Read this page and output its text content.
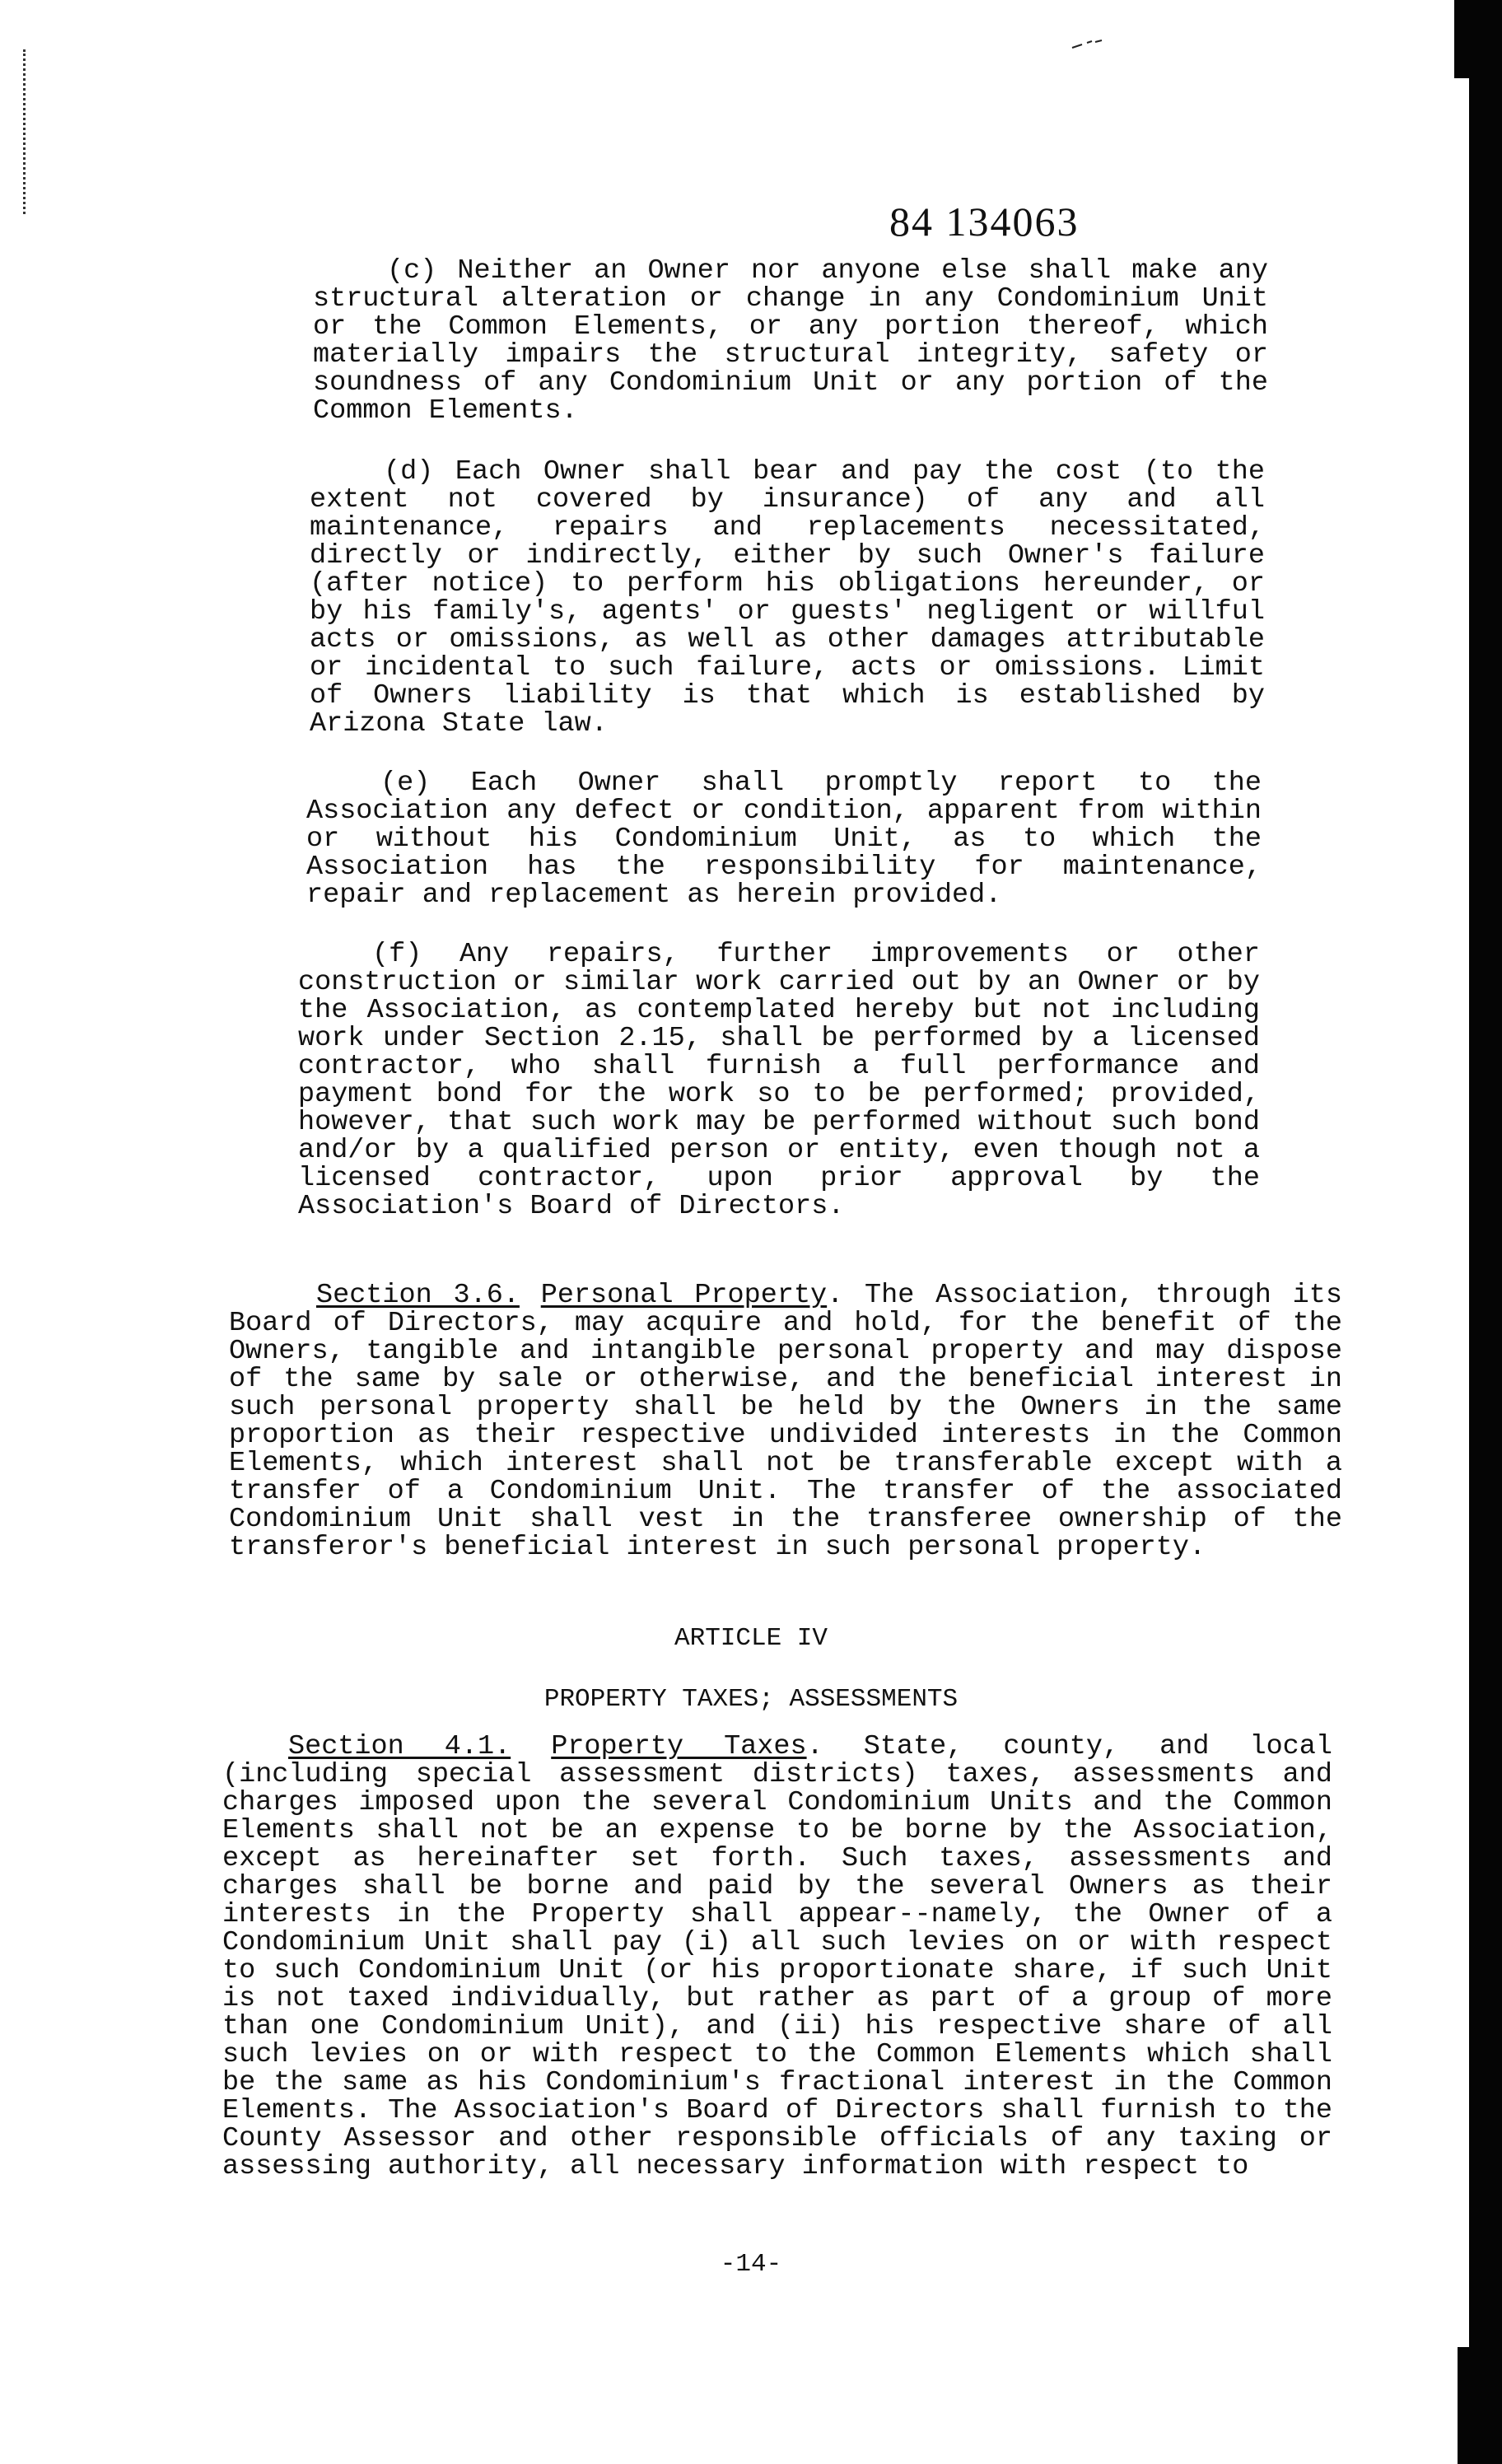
84 134063

(c) Neither an Owner nor anyone else shall make any structural alteration or change in any Condominium Unit or the Common Elements, or any portion thereof, which materially impairs the structural integrity, safety or soundness of any Condominium Unit or any portion of the Common Elements.

(d) Each Owner shall bear and pay the cost (to the extent not covered by insurance) of any and all maintenance, repairs and replacements necessitated, directly or indirectly, either by such Owner's failure (after notice) to perform his obligations hereunder, or by his family's, agents' or guests' negligent or willful acts or omissions, as well as other damages attributable or incidental to such failure, acts or omissions. Limit of Owners liability is that which is established by Arizona State law.

(e) Each Owner shall promptly report to the Association any defect or condition, apparent from within or without his Condominium Unit, as to which the Association has the responsibility for maintenance, repair and replacement as herein provided.

(f) Any repairs, further improvements or other construction or similar work carried out by an Owner or by the Association, as contemplated hereby but not including work under Section 2.15, shall be performed by a licensed contractor, who shall furnish a full performance and payment bond for the work so to be performed; provided, however, that such work may be performed without such bond and/or by a qualified person or entity, even though not a licensed contractor, upon prior approval by the Association's Board of Directors.

Section 3.6. Personal Property. The Association, through its Board of Directors, may acquire and hold, for the benefit of the Owners, tangible and intangible personal property and may dispose of the same by sale or otherwise, and the beneficial interest in such personal property shall be held by the Owners in the same proportion as their respective undivided interests in the Common Elements, which interest shall not be transferable except with a transfer of a Condominium Unit. The transfer of the associated Condominium Unit shall vest in the transferee ownership of the transferor's beneficial interest in such personal property.

ARTICLE IV
PROPERTY TAXES; ASSESSMENTS

Section 4.1. Property Taxes. State, county, and local (including special assessment districts) taxes, assessments and charges imposed upon the several Condominium Units and the Common Elements shall not be an expense to be borne by the Association, except as hereinafter set forth. Such taxes, assessments and charges shall be borne and paid by the several Owners as their interests in the Property shall appear--namely, the Owner of a Condominium Unit shall pay (i) all such levies on or with respect to such Condominium Unit (or his proportionate share, if such Unit is not taxed individually, but rather as part of a group of more than one Condominium Unit), and (ii) his respective share of all such levies on or with respect to the Common Elements which shall be the same as his Condominium's fractional interest in the Common Elements. The Association's Board of Directors shall furnish to the County Assessor and other responsible officials of any taxing or assessing authority, all necessary information with respect to

-14-
